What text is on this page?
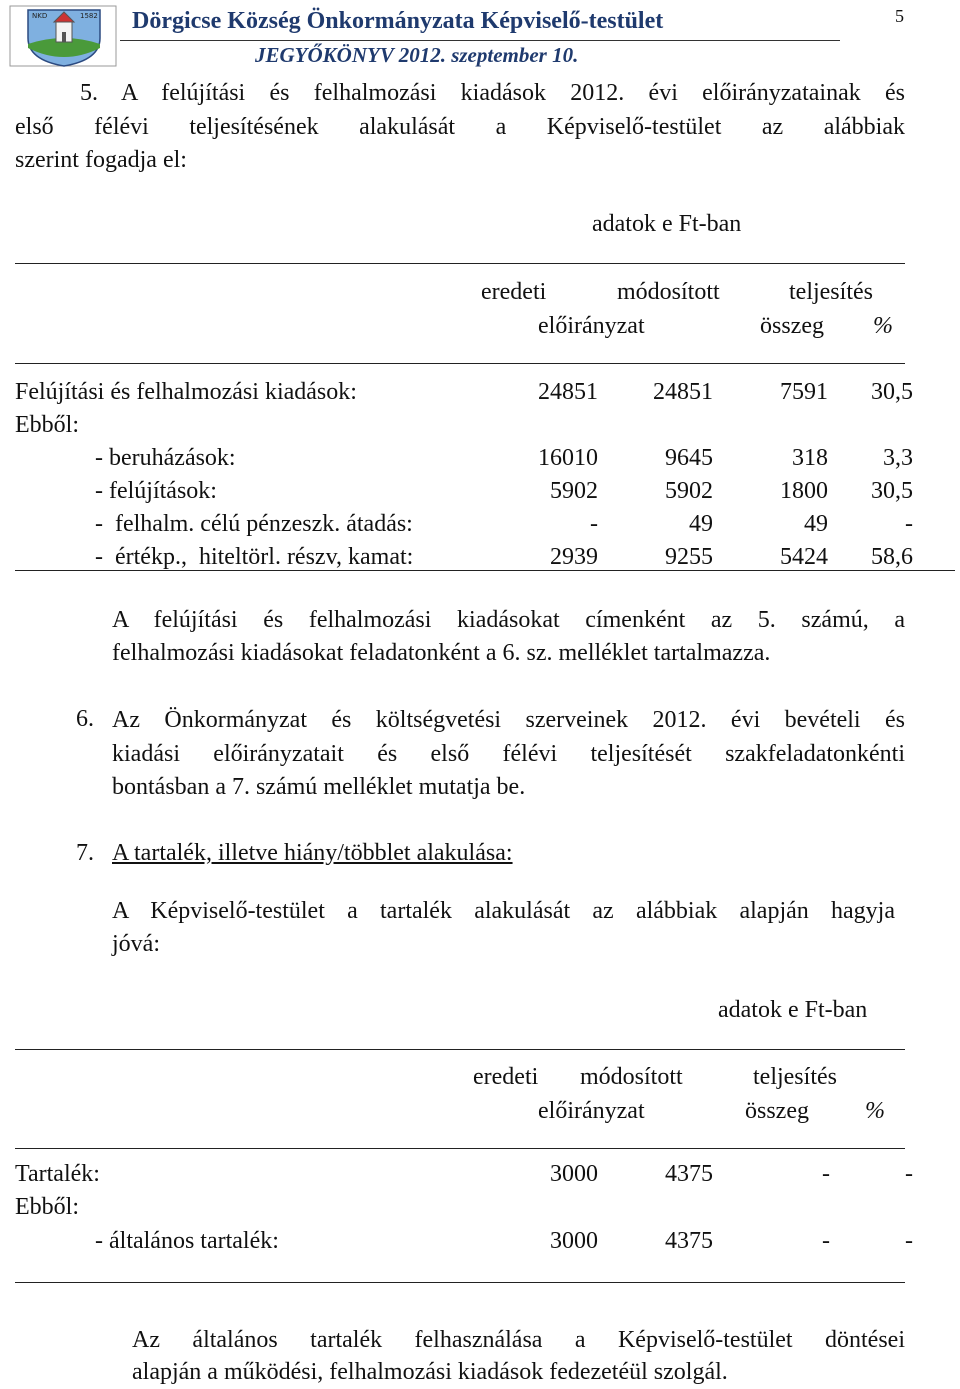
NKD	1582 Dörgicse Község Önkormányzata Képviselő-testület
JEGYŐKÖNYV 2012. szeptember 10.
5
5. A felújítási és felhalmozási kiadások 2012. évi előirányzatainak és
első félévi teljesítésének alakulását a Képviselő-testület az alábbiak
szerint fogadja el:
adatok e Ft-ban
eredeti	módosított	teljesítés
előirányzat	összeg %
Felújítási és felhalmozási kiadások:	24851	24851	7591	30,5
Ebből:
- beruházások:	16010	9645	318	3,3
- felújítások:	5902	5902	1800	30,5
-  felhalm. célú pénzeszk. átadás:	-	49	49	-
-  értékp.,  hiteltörl. részv, kamat:	2939	9255	5424	58,6
A felújítási és felhalmozási kiadásokat címenként az 5. számú, a
felhalmozási kiadásokat feladatonként a 6. sz. melléklet tartalmazza.
6. Az Önkormányzat és költségvetési szerveinek 2012. évi bevételi és
kiadási előirányzatait és első félévi teljesítését szakfeladatonkénti
bontásban a 7. számú melléklet mutatja be.
7. A tartalék, illetve hiány/többlet alakulása:
A Képviselő-testület a tartalék alakulását az alábbiak alapján hagyja
jóvá:
adatok e Ft-ban
eredeti módosított	teljesítés
előirányzat	összeg %
Tartalék:	3000	4375	-	-
Ebből:
- általános tartalék:	3000	4375	-	-
Az általános tartalék felhasználása a Képviselő-testület döntései
alapján a működési, felhalmozási kiadások fedezetéül szolgál.
